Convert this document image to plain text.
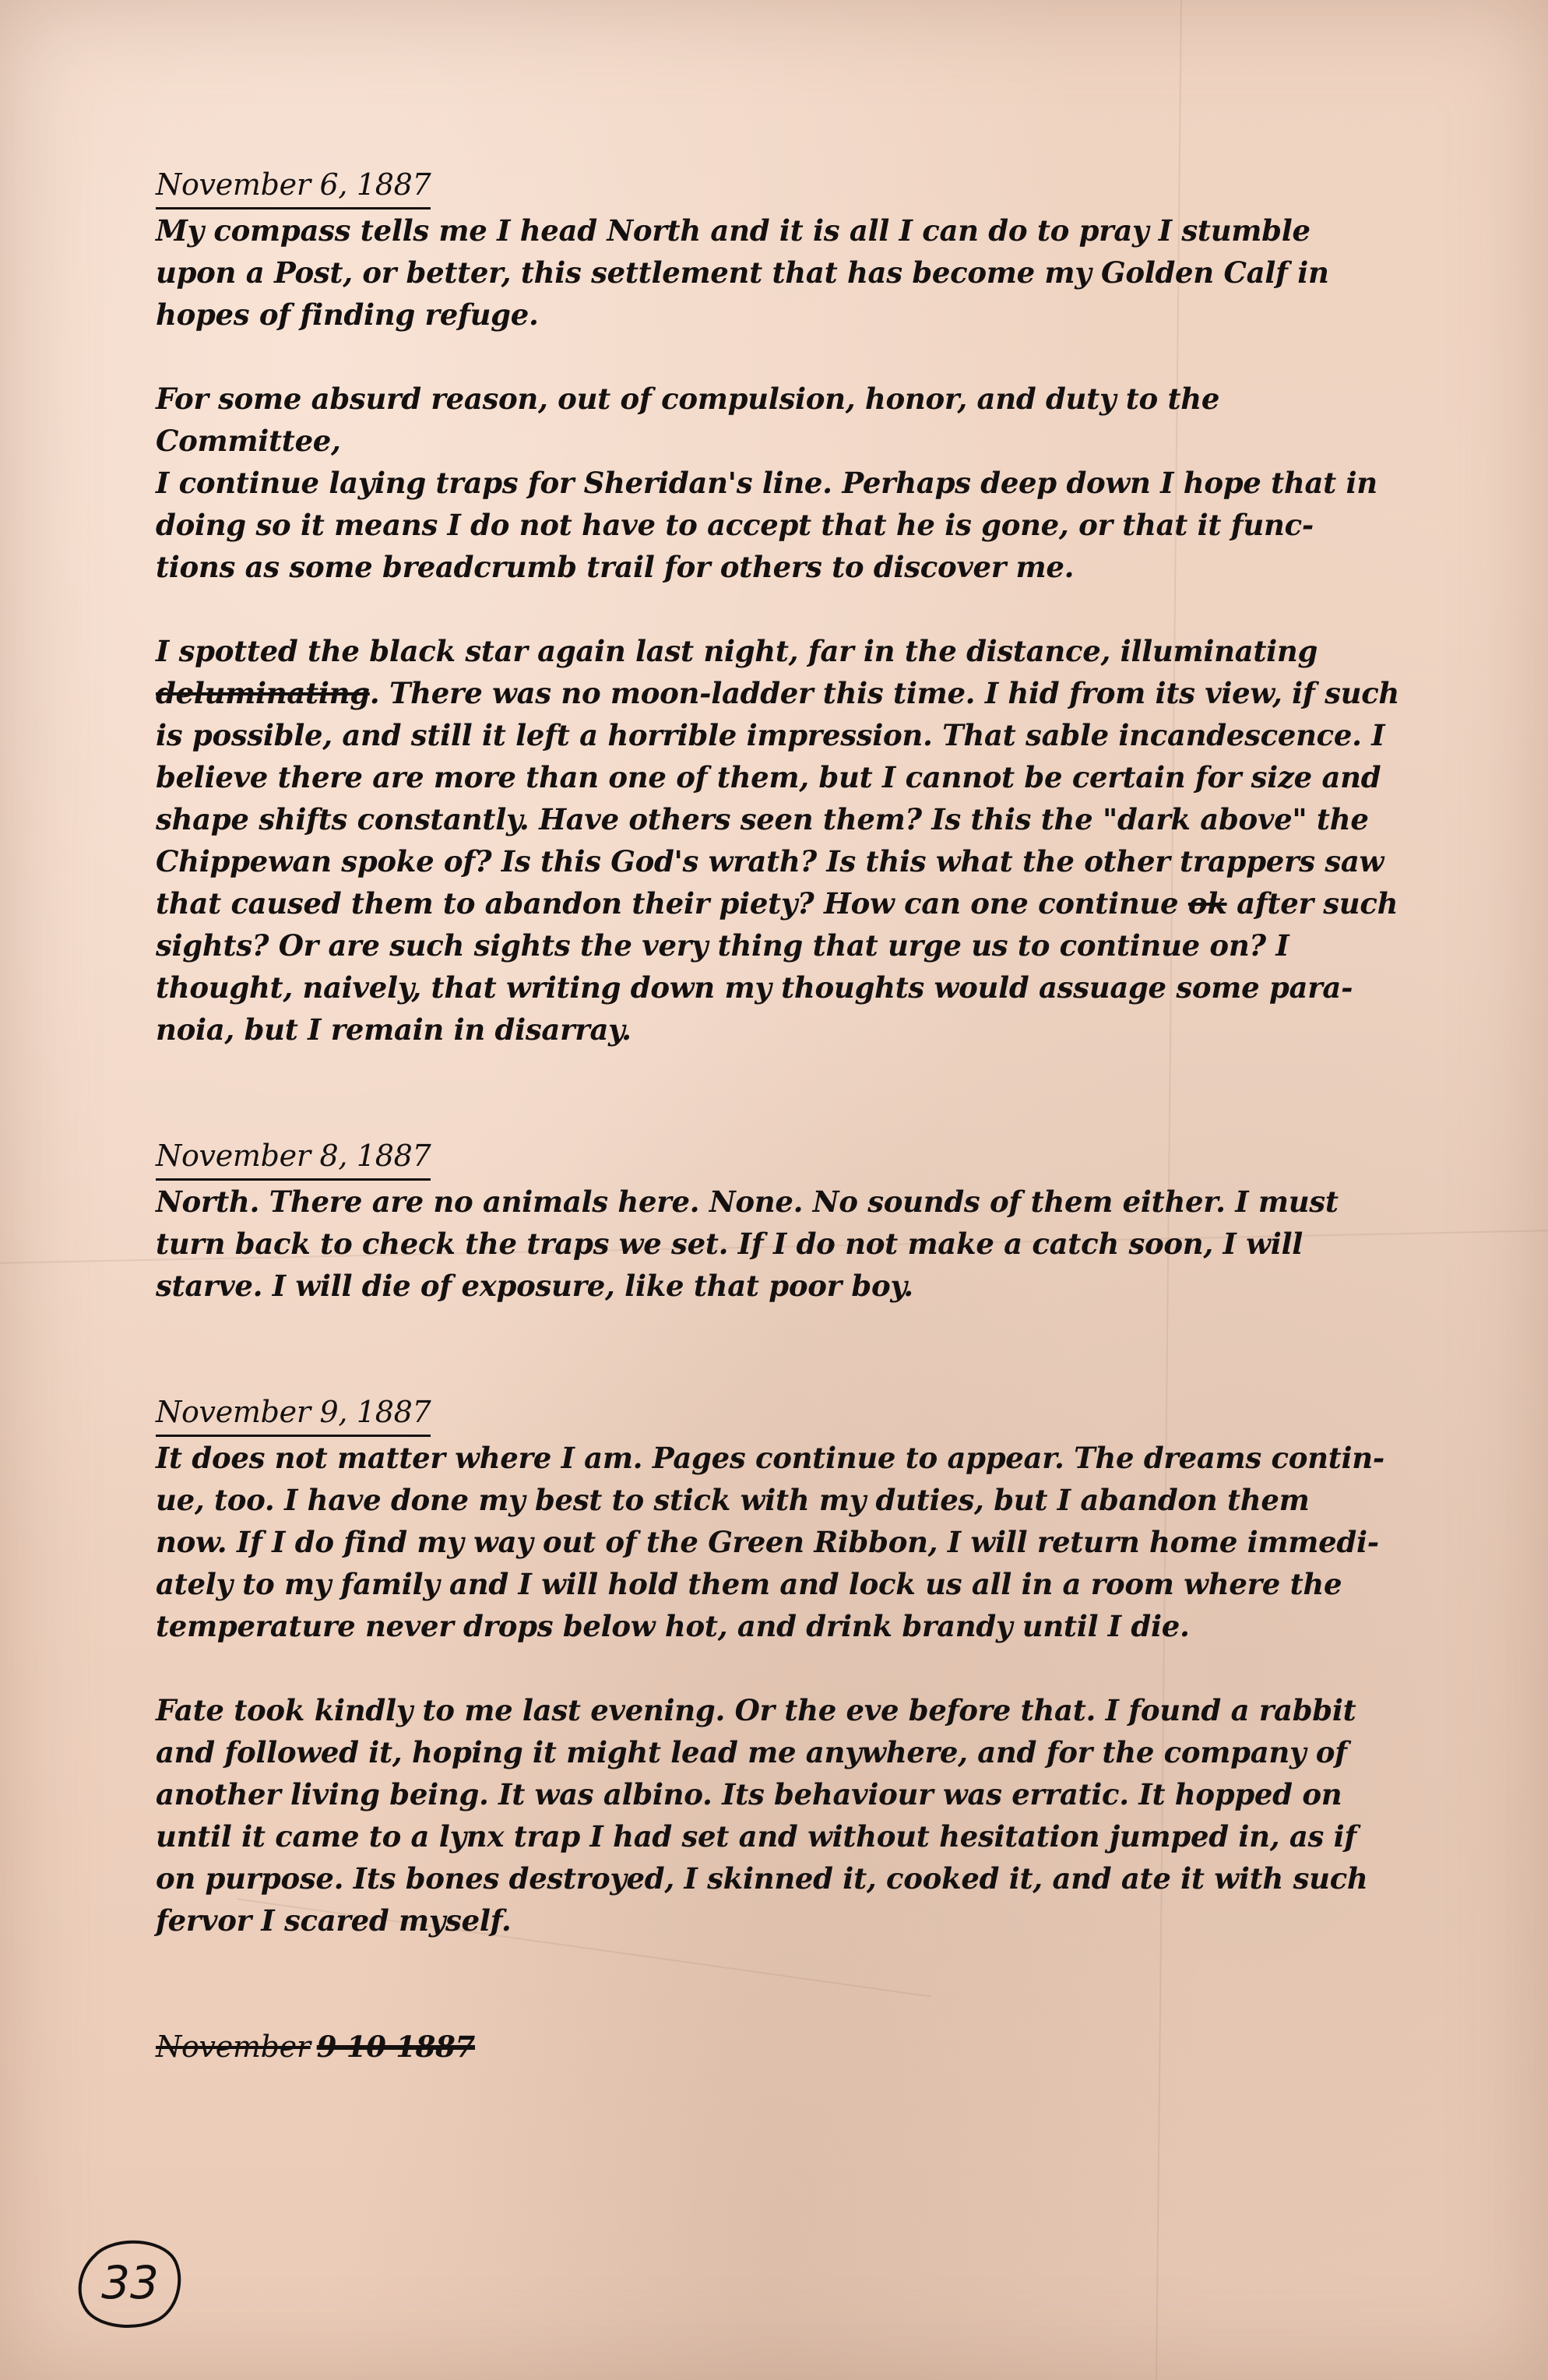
November 6, 1887

My compass tells me I head North and it is all I can do to pray I stumble
upon a Post, or better, this settlement that has become my Golden Calf in
hopes of finding refuge.

For some absurd reason, out of compulsion, honor, and duty to the Committee,
I continue laying traps for Sheridan's line. Perhaps deep down I hope that in
doing so it means I do not have to accept that he is gone, or that it func-
tions as some breadcrumb trail for others to discover me.

I spotted the black star again last night, far in the distance, illuminating
deluminating. There was no moon-ladder this time. I hid from its view, if such
is possible, and still it left a horrible impression. That sable incandescence. I
believe there are more than one of them, but I cannot be certain for size and
shape shifts constantly. Have others seen them? Is this the "dark above" the
Chippewan spoke of? Is this God's wrath? Is this what the other trappers saw
that caused them to abandon their piety? How can one continue ok after such
sights? Or are such sights the very thing that urge us to continue on? I
thought, naively, that writing down my thoughts would assuage some para-
noia, but I remain in disarray.

November 8, 1887

North. There are no animals here. None. No sounds of them either. I must
turn back to check the traps we set. If I do not make a catch soon, I will
starve. I will die of exposure, like that poor boy.

November 9, 1887

It does not matter where I am. Pages continue to appear. The dreams contin-
ue, too. I have done my best to stick with my duties, but I abandon them
now. If I do find my way out of the Green Ribbon, I will return home immedi-
ately to my family and I will hold them and lock us all in a room where the
temperature never drops below hot, and drink brandy until I die.

Fate took kindly to me last evening. Or the eve before that. I found a rabbit
and followed it, hoping it might lead me anywhere, and for the company of
another living being. It was albino. Its behaviour was erratic. It hopped on
until it came to a lynx trap I had set and without hesitation jumped in, as if
on purpose. Its bones destroyed, I skinned it, cooked it, and ate it with such
fervor I scared myself.

November 9 10 1887
33
